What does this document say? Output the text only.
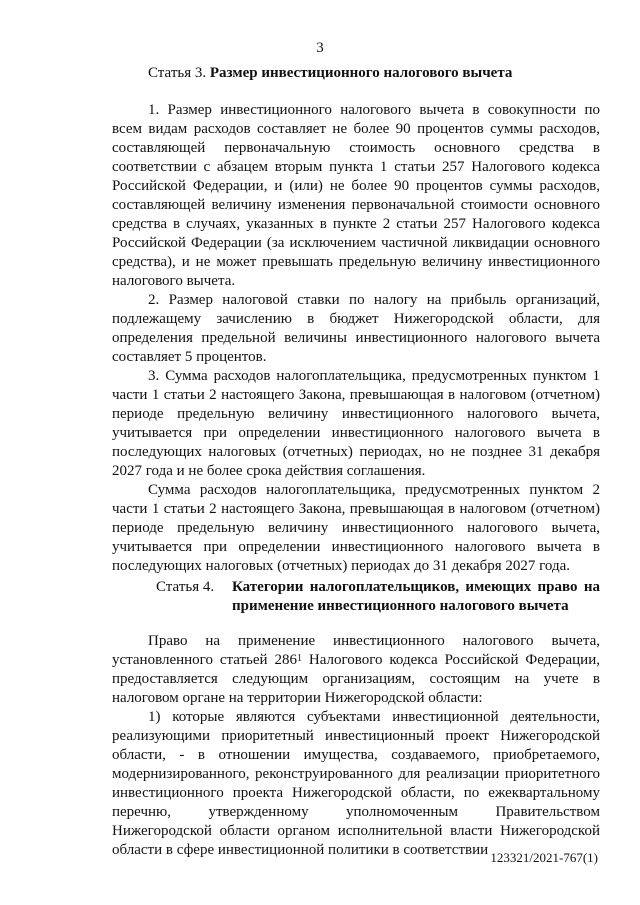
3
Статья 3. Размер инвестиционного налогового вычета

1. Размер инвестиционного налогового вычета в совокупности по всем видам расходов составляет не более 90 процентов суммы расходов, составляющей первоначальную стоимость основного средства в соответствии с абзацем вторым пункта 1 статьи 257 Налогового кодекса Российской Федерации, и (или) не более 90 процентов суммы расходов, составляющей величину изменения первоначальной стоимости основного средства в случаях, указанных в пункте 2 статьи 257 Налогового кодекса Российской Федерации (за исключением частичной ликвидации основного средства), и не может превышать предельную величину инвестиционного налогового вычета.

2. Размер налоговой ставки по налогу на прибыль организаций, подлежащему зачислению в бюджет Нижегородской области, для определения предельной величины инвестиционного налогового вычета составляет 5 процентов.

3. Сумма расходов налогоплательщика, предусмотренных пунктом 1 части 1 статьи 2 настоящего Закона, превышающая в налоговом (отчетном) периоде предельную величину инвестиционного налогового вычета, учитывается при определении инвестиционного налогового вычета в последующих налоговых (отчетных) периодах, но не позднее 31 декабря 2027 года и не более срока действия соглашения.

Сумма расходов налогоплательщика, предусмотренных пунктом 2 части 1 статьи 2 настоящего Закона, превышающая в налоговом (отчетном) периоде предельную величину инвестиционного налогового вычета, учитывается при определении инвестиционного налогового вычета в последующих налоговых (отчетных) периодах до 31 декабря 2027 года.

Статья 4. Категории налогоплательщиков, имеющих право на применение инвестиционного налогового вычета

Право на применение инвестиционного налогового вычета, установленного статьей $286^1$ Налогового кодекса Российской Федерации, предоставляется следующим организациям, состоящим на учете в налоговом органе на территории Нижегородской области:

1) которые являются субъектами инвестиционной деятельности, реализующими приоритетный инвестиционный проект Нижегородской области, - в отношении имущества, создаваемого, приобретаемого, модернизированного, реконструированного для реализации приоритетного инвестиционного проекта Нижегородской области, по ежеквартальному перечню, утвержденному уполномоченным Правительством Нижегородской области органом исполнительной власти Нижегородской области в сфере инвестиционной политики в соответствии 123321/2021-767(1)
